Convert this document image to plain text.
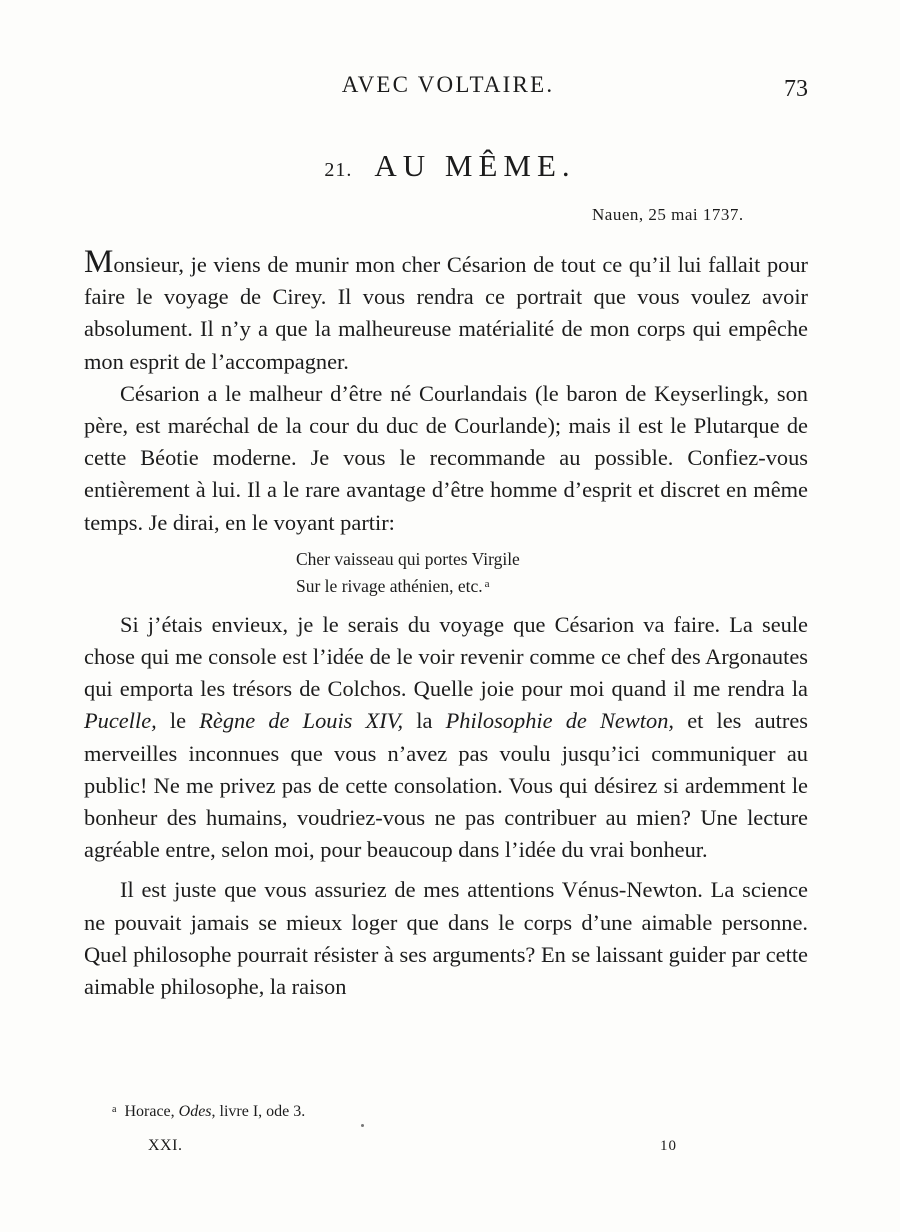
AVEC VOLTAIRE.	73
21. AU MÊME.
Nauen, 25 mai 1737.

Monsieur, je viens de munir mon cher Césarion de tout ce qu’il lui fallait pour faire le voyage de Cirey. Il vous rendra ce portrait que vous voulez avoir absolument. Il n’y a que la malheureuse matérialité de mon corps qui empêche mon esprit de l’accompagner.

Césarion a le malheur d’être né Courlandais (le baron de Keyserlingk, son père, est maréchal de la cour du duc de Courlande); mais il est le Plutarque de cette Béotie moderne. Je vous le recommande au possible. Confiez-vous entièrement à lui. Il a le rare avantage d’être homme d’esprit et discret en même temps. Je dirai, en le voyant partir:

Cher vaisseau qui portes Virgile
Sur le rivage athénien, etc. $^a$

Si j’étais envieux, je le serais du voyage que Césarion va faire. La seule chose qui me console est l’idée de le voir revenir comme ce chef des Argonautes qui emporta les trésors de Colchos. Quelle joie pour moi quand il me rendra la Pucelle, le Règne de Louis XIV, la Philosophie de Newton, et les autres merveilles inconnues que vous n’avez pas voulu jusqu’ici communiquer au public! Ne me privez pas de cette consolation. Vous qui désirez si ardemment le bonheur des humains, voudriez-vous ne pas contribuer au mien? Une lecture agréable entre, selon moi, pour beaucoup dans l’idée du vrai bonheur.

Il est juste que vous assuriez de mes attentions Vénus-Newton. La science ne pouvait jamais se mieux loger que dans le corps d’une aimable personne. Quel philosophe pourrait résister à ses arguments? En se laissant guider par cette aimable philosophe, la raison

$^a$ Horace, Odes, livre I, ode 3.
XXI.	10
